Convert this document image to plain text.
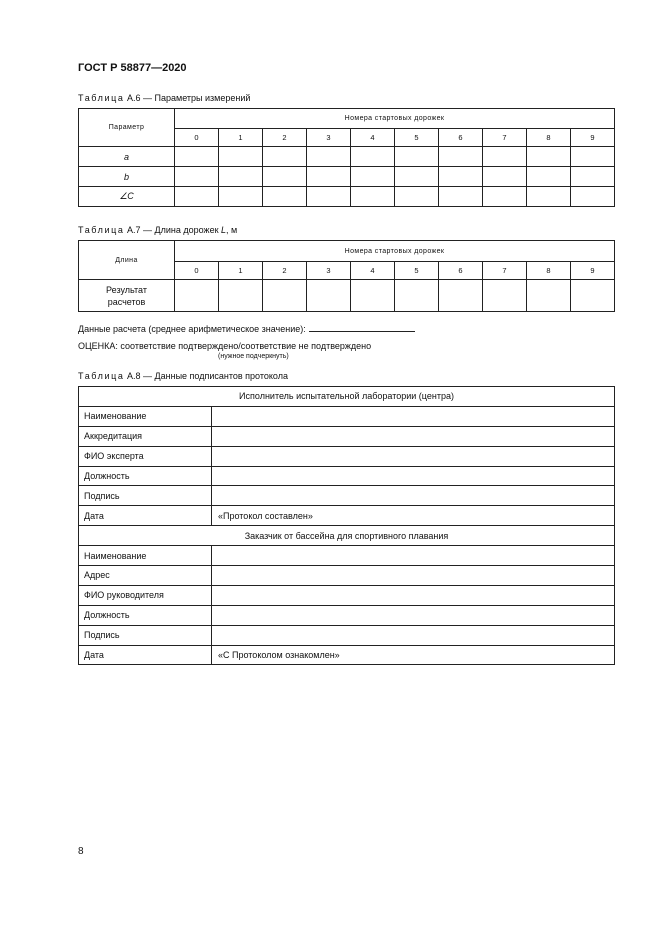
ГОСТ Р 58877—2020
Таблица А.6 — Параметры измерений
Параметр	Номера стартовых дорожек									
	0	1	2	3	4	5	6	7	8	9
a										
b										
∠C										
Таблица А.7 — Длина дорожек L, м
Длина	Номера стартовых дорожек									
	0	1	2	3	4	5	6	7	8	9

Результат
расчетов										

Данные расчета (среднее арифметическое значение):
ОЦЕНКА: соответствие подтверждено/соответствие не подтверждено
(нужное подчеркнуть)
Таблица А.8 — Данные подписантов протокола
Исполнитель испытательной лаборатории (центра)	
Наименование	
Аккредитация	
ФИО эксперта	
Должность	
Подпись	
Дата	«Протокол составлен»
Заказчик от бассейна для спортивного плавания	
Наименование	
Адрес	
ФИО руководителя	
Должность	
Подпись	
Дата	«С Протоколом ознакомлен»
8
